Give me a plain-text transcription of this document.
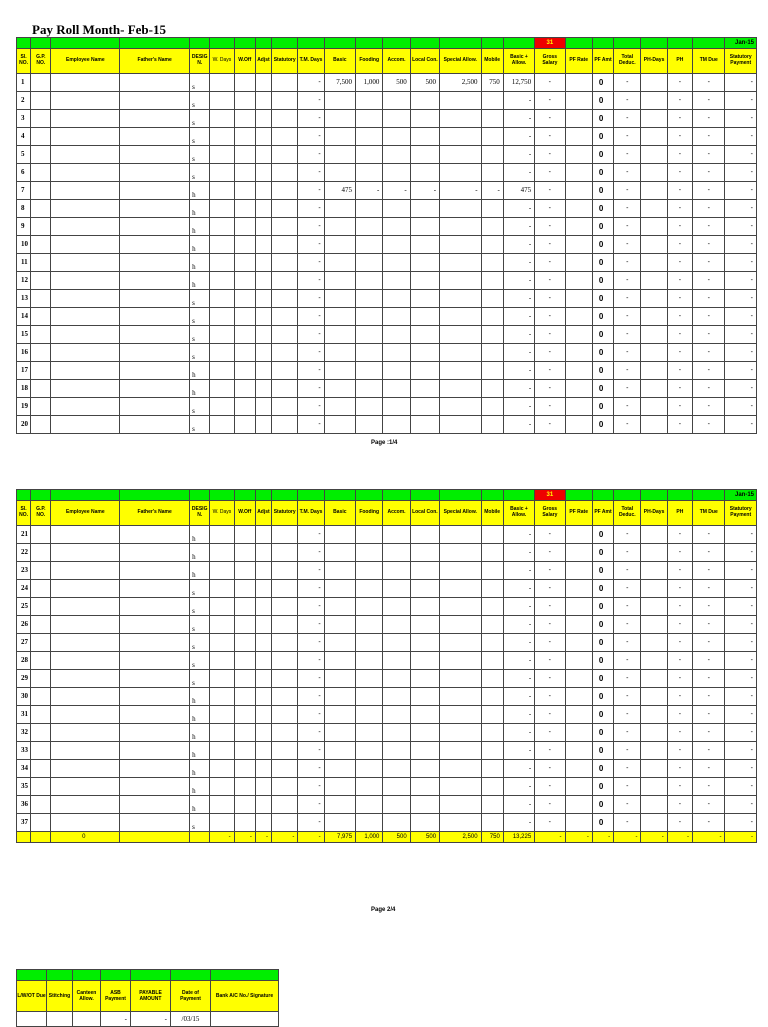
Pay Roll Month- Feb-15
																	31							Jan-15
Sl. NO.	G.P. NO.	Employee Name	Father's Name	DESIG N.	W. Days	W.Off	Adjst	Statutory	T.M. Days	Basic	Fooding	Accom.	Local Con.	Special Allow.	Mobile	Basic + Allow.	Gross Salary	PF Rate	PF Amt	Total Deduc.	PH-Days	PH	TM Due	Statutory Payment
1				s					-	7,500	1,000	500	500	2,500	750	12,750	-		0	-		-	-	-
2				s					-							-	-		0	-		-	-	-
3				s					-							-	-		0	-		-	-	-
4				s					-							-	-		0	-		-	-	-
5				s					-							-	-		0	-		-	-	-
6				s					-							-	-		0	-		-	-	-
7				h					-	475	-	-	-	-	-	475	-		0	-		-	-	-
8				h					-							-	-		0	-		-	-	-
9				h					-							-	-		0	-		-	-	-
10				h					-							-	-		0	-		-	-	-
11				h					-							-	-		0	-		-	-	-
12				h					-							-	-		0	-		-	-	-
13				s					-							-	-		0	-		-	-	-
14				s					-							-	-		0	-		-	-	-
15				s					-							-	-		0	-		-	-	-
16				s					-							-	-		0	-		-	-	-
17				h					-							-	-		0	-		-	-	-
18				h					-							-	-		0	-		-	-	-
19				s					-							-	-		0	-		-	-	-
20				s					-							-	-		0	-		-	-	-
Page :1/4
																	31							Jan-15
Sl. NO.	G.P. NO.	Employee Name	Father's Name	DESIG N.	W. Days	W.Off	Adjst	Statutory	T.M. Days	Basic	Fooding	Accom.	Local Con.	Special Allow.	Mobile	Basic + Allow.	Gross Salary	PF Rate	PF Amt	Total Deduc.	PH-Days	PH	TM Due	Statutory Payment
21				h					-							-	-		0	-		-	-	-
22				h					-							-	-		0	-		-	-	-
23				h					-							-	-		0	-		-	-	-
24				s					-							-	-		0	-		-	-	-
25				s					-							-	-		0	-		-	-	-
26				s					-							-	-		0	-		-	-	-
27				s					-							-	-		0	-		-	-	-
28				s					-							-	-		0	-		-	-	-
29				s					-							-	-		0	-		-	-	-
30				h					-							-	-		0	-		-	-	-
31				h					-							-	-		0	-		-	-	-
32				h					-							-	-		0	-		-	-	-
33				h					-							-	-		0	-		-	-	-
34				h					-							-	-		0	-		-	-	-
35				h					-							-	-		0	-		-	-	-
36				h					-							-	-		0	-		-	-	-
37				s					-							-	-		0	-		-	-	-
		0			-	-	-	-	-	7,975	1,000	500	500	2,500	750	13,225	-	-	-	-	-	-	-	-
Page 2/4

L/W/OT Due	Stitching	Canteen Allow.	ASB Payment	PAYABLE AMOUNT	Date of Payment	Bank A/C No./ Signature
			-	-	/03/15	
